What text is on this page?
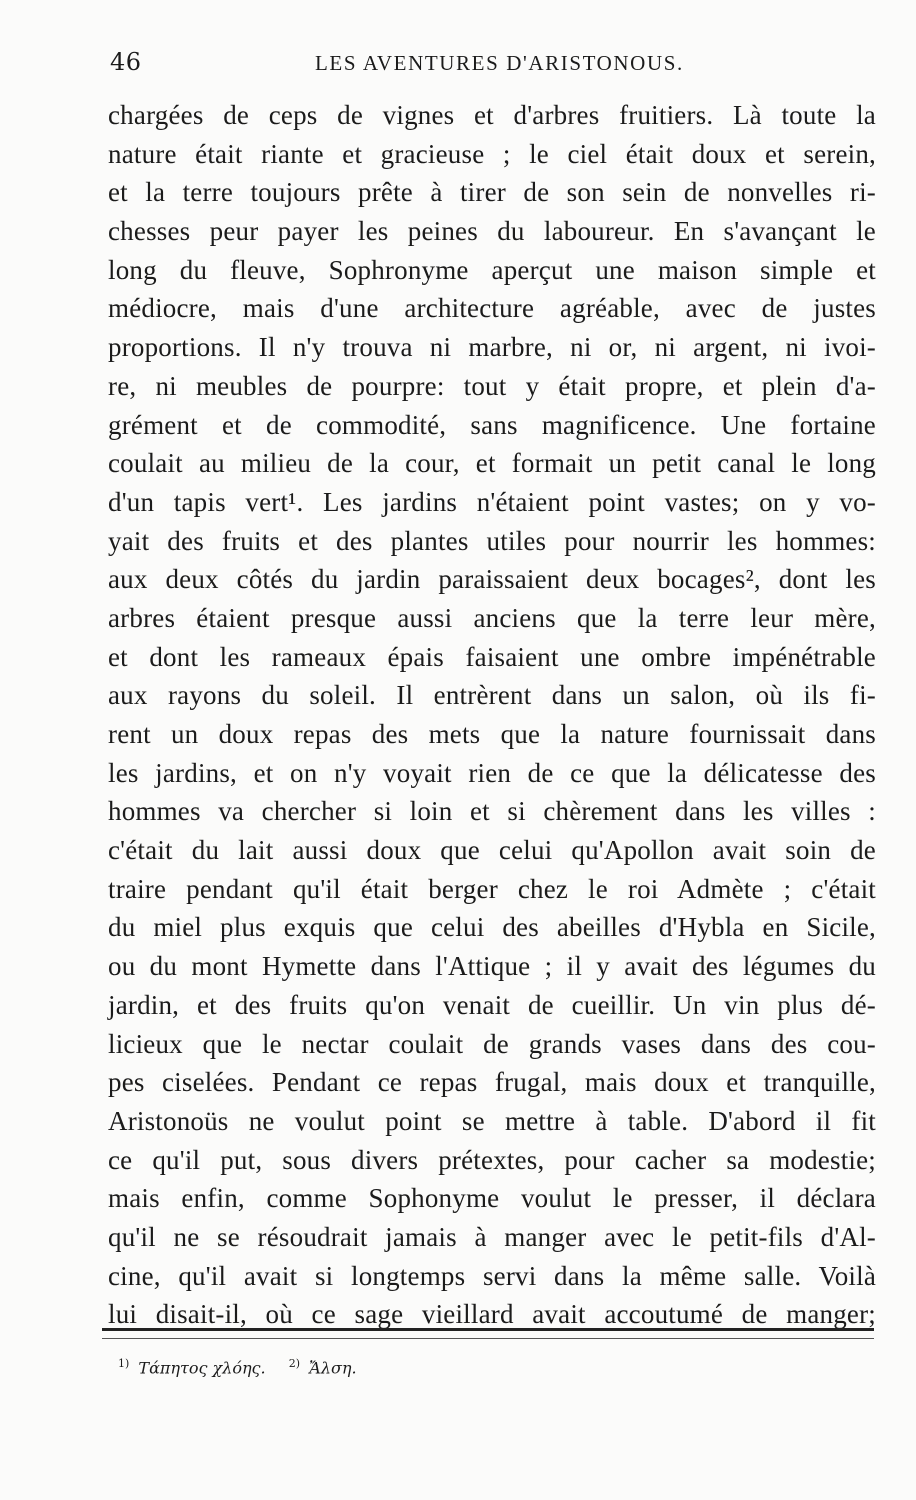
46	LES AVENTURES D'ARISTONOUS.
chargées de ceps de vignes et d'arbres fruitiers. Là toute la
nature était riante et gracieuse ; le ciel était doux et serein,
et la terre toujours prête à tirer de son sein de nonvelles ri-
chesses peur payer les peines du laboureur. En s'avançant le
long du fleuve, Sophronyme aperçut une maison simple et
médiocre, mais d'une architecture agréable, avec de justes
proportions. Il n'y trouva ni marbre, ni or, ni argent, ni ivoi-
re, ni meubles de pourpre: tout y était propre, et plein d'a-
grément et de commodité, sans magnificence. Une fortaine
coulait au milieu de la cour, et formait un petit canal le long
d'un tapis vert¹. Les jardins n'étaient point vastes; on y vo-
yait des fruits et des plantes utiles pour nourrir les hommes:
aux deux côtés du jardin paraissaient deux bocages², dont les
arbres étaient presque aussi anciens que la terre leur mère,
et dont les rameaux épais faisaient une ombre impénétrable
aux rayons du soleil. Il entrèrent dans un salon, où ils fi-
rent un doux repas des mets que la nature fournissait dans
les jardins, et on n'y voyait rien de ce que la délicatesse des
hommes va chercher si loin et si chèrement dans les villes :
c'était du lait aussi doux que celui qu'Apollon avait soin de
traire pendant qu'il était berger chez le roi Admète ; c'était
du miel plus exquis que celui des abeilles d'Hybla en Sicile,
ou du mont Hymette dans l'Attique ; il y avait des légumes du
jardin, et des fruits qu'on venait de cueillir. Un vin plus dé-
licieux que le nectar coulait de grands vases dans des cou-
pes ciselées. Pendant ce repas frugal, mais doux et tranquille,
Aristonoüs ne voulut point se mettre à table. D'abord il fit
ce qu'il put, sous divers prétextes, pour cacher sa modestie;
mais enfin, comme Sophonyme voulut le presser, il déclara
qu'il ne se résoudrait jamais à manger avec le petit-fils d'Al-
cine, qu'il avait si longtemps servi dans la même salle. Voilà
lui disait-il, où ce sage vieillard avait accoutumé de manger;
$^{1)}$ Τάπητος χλόης. $^{2)}$ Ἄλση.
